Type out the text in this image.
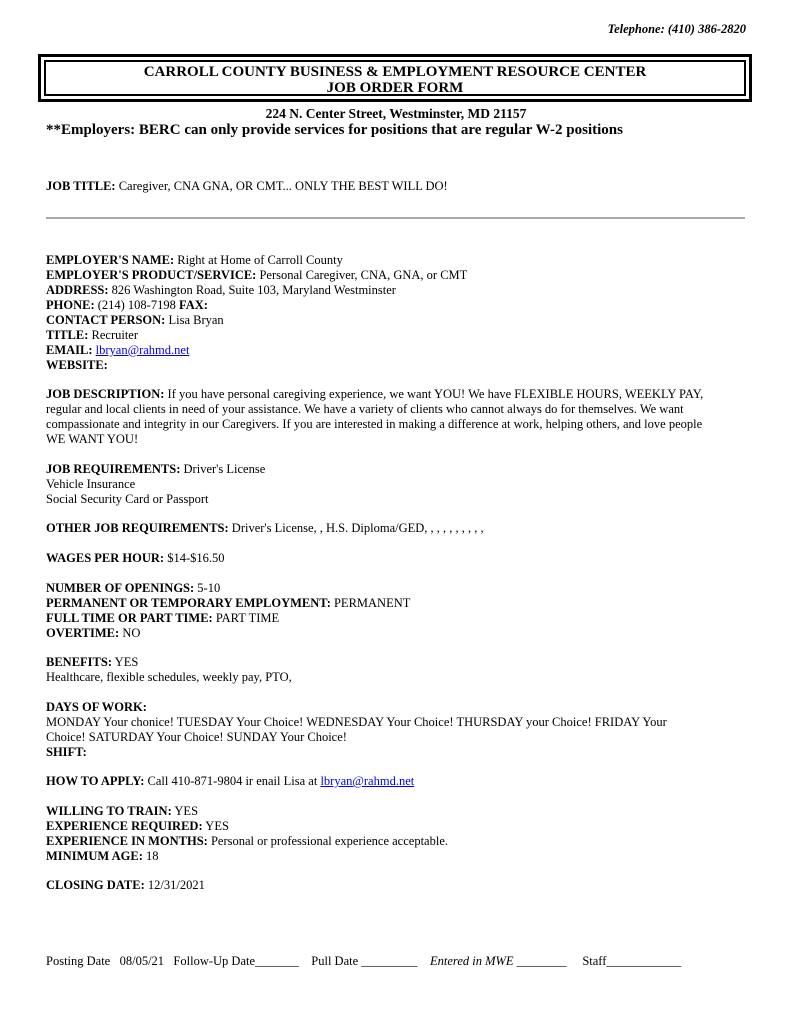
Telephone: (410) 386-2820
CARROLL COUNTY BUSINESS & EMPLOYMENT RESOURCE CENTER
JOB ORDER FORM
224 N. Center Street, Westminster, MD 21157
**Employers: BERC can only provide services for positions that are regular W-2 positions
JOB TITLE: Caregiver, CNA GNA, OR CMT... ONLY THE BEST WILL DO!
EMPLOYER'S NAME: Right at Home of Carroll County
EMPLOYER'S PRODUCT/SERVICE: Personal Caregiver, CNA, GNA, or CMT
ADDRESS: 826 Washington Road, Suite 103, Maryland Westminster
PHONE: (214) 108-7198 FAX:
CONTACT PERSON: Lisa Bryan
TITLE: Recruiter
EMAIL: lbryan@rahmd.net
WEBSITE:
JOB DESCRIPTION: If you have personal caregiving experience, we want YOU! We have FLEXIBLE HOURS, WEEKLY PAY,
regular and local clients in need of your assistance. We have a variety of clients who cannot always do for themselves. We want
compassionate and integrity in our Caregivers. If you are interested in making a difference at work, helping others, and love people
WE WANT YOU!
JOB REQUIREMENTS: Driver's License
Vehicle Insurance
Social Security Card or Passport
OTHER JOB REQUIREMENTS: Driver's License, , H.S. Diploma/GED, , , , , , , , , ,
WAGES PER HOUR: $14-$16.50
NUMBER OF OPENINGS: 5-10
PERMANENT OR TEMPORARY EMPLOYMENT: PERMANENT
FULL TIME OR PART TIME: PART TIME
OVERTIME: NO
BENEFITS: YES
Healthcare, flexible schedules, weekly pay, PTO,
DAYS OF WORK:
MONDAY Your chonice! TUESDAY Your Choice! WEDNESDAY Your Choice! THURSDAY your Choice! FRIDAY Your
Choice! SATURDAY Your Choice! SUNDAY Your Choice!
SHIFT:
HOW TO APPLY: Call 410-871-9804 ir enail Lisa at lbryan@rahmd.net
WILLING TO TRAIN: YES
EXPERIENCE REQUIRED: YES
EXPERIENCE IN MONTHS: Personal or professional experience acceptable.
MINIMUM AGE: 18
CLOSING DATE: 12/31/2021
Posting Date   08/05/21   Follow-Up Date_______    Pull Date _________    Entered in MWE ________     Staff____________
